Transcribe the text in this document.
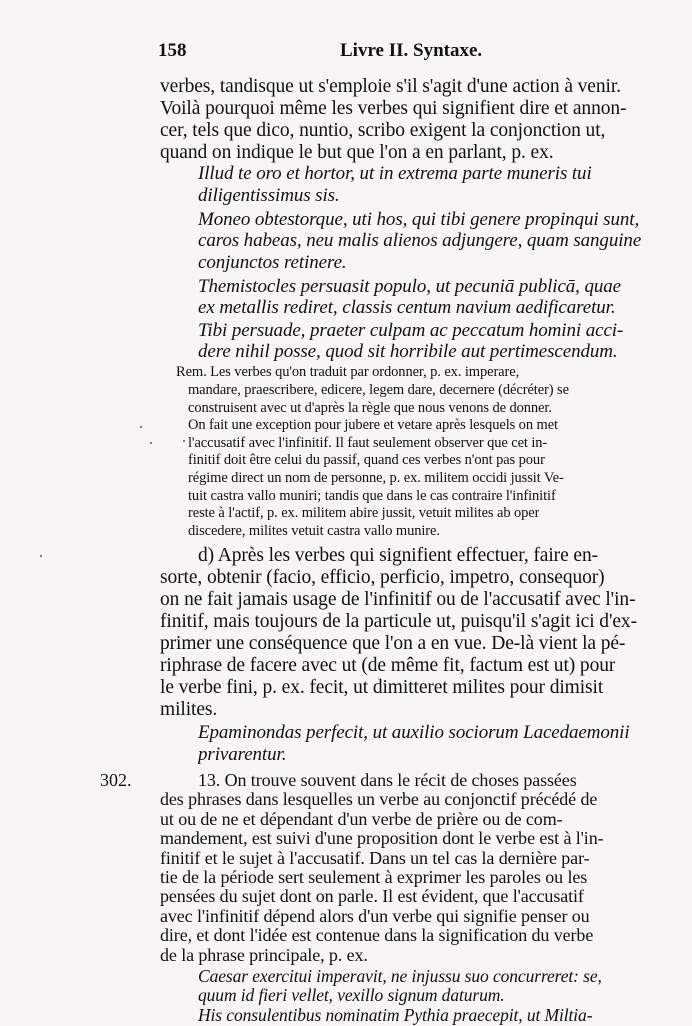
158	Livre II. Syntaxe.
verbes, tandisque ut s'emploie s'il s'agit d'une action à venir.
Voilà pourquoi même les verbes qui signifient dire et annon-
cer, tels que dico, nuntio, scribo exigent la conjonction ut,
quand on indique le but que l'on a en parlant, p. ex.
Illud te oro et hortor, ut in extrema parte muneris tui
diligentissimus sis.
Moneo obtestorque, uti hos, qui tibi genere propinqui sunt,
caros habeas, neu malis alienos adjungere, quam sanguine
conjunctos retinere.
Themistocles persuasit populo, ut pecuniā publicā, quae
ex metallis rediret, classis centum navium aedificaretur.
Tibi persuade, praeter culpam ac peccatum homini acci-
dere nihil posse, quod sit horribile aut pertimescendum.
Rem. Les verbes qu'on traduit par ordonner, p. ex. imperare,
mandare, praescribere, edicere, legem dare, decernere (décréter) se
construisent avec ut d'après la règle que nous venons de donner.
On fait une exception pour jubere et vetare après lesquels on met
l'accusatif avec l'infinitif. Il faut seulement observer que cet in-
finitif doit être celui du passif, quand ces verbes n'ont pas pour
régime direct un nom de personne, p. ex. militem occidi jussit Ve-
tuit castra vallo muniri; tandis que dans le cas contraire l'infinitif
reste à l'actif, p. ex. militem abire jussit, vetuit milites ab oper
discedere, milites vetuit castra vallo munire.
d) Après les verbes qui signifient effectuer, faire en-
sorte, obtenir (facio, efficio, perficio, impetro, consequor)
on ne fait jamais usage de l'infinitif ou de l'accusatif avec l'in-
finitif, mais toujours de la particule ut, puisqu'il s'agit ici d'ex-
primer une conséquence que l'on a en vue. De-là vient la pé-
riphrase de facere avec ut (de même fit, factum est ut) pour
le verbe fini, p. ex. fecit, ut dimitteret milites pour dimisit
milites.
Epaminondas perfecit, ut auxilio sociorum Lacedaemonii
privarentur.
302.	13. On trouve souvent dans le récit de choses passées
des phrases dans lesquelles un verbe au conjonctif précédé de
ut ou de ne et dépendant d'un verbe de prière ou de com-
mandement, est suivi d'une proposition dont le verbe est à l'in-
finitif et le sujet à l'accusatif. Dans un tel cas la dernière par-
tie de la période sert seulement à exprimer les paroles ou les
pensées du sujet dont on parle. Il est évident, que l'accusatif
avec l'infinitif dépend alors d'un verbe qui signifie penser ou
dire, et dont l'idée est contenue dans la signification du verbe
de la phrase principale, p. ex.
Caesar exercitui imperavit, ne injussu suo concurreret: se,
quum id fieri vellet, vexillo signum daturum.
His consulentibus nominatim Pythia praecepit, ut Miltia-
